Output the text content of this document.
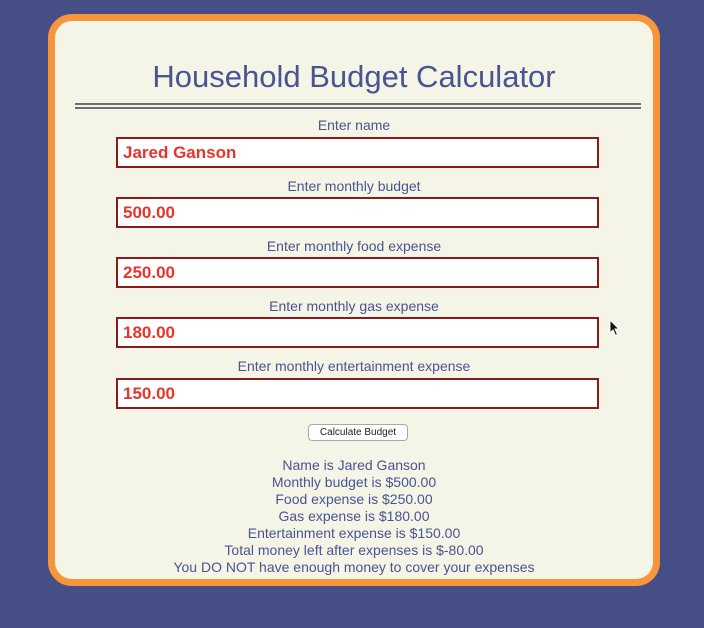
Household Budget Calculator
Enter name
Jared Ganson
Enter monthly budget
500.00
Enter monthly food expense
250.00
Enter monthly gas expense
180.00
Enter monthly entertainment expense
150.00
Calculate Budget
Name is Jared Ganson
Monthly budget is $500.00
Food expense is $250.00
Gas expense is $180.00
Entertainment expense is $150.00
Total money left after expenses is $-80.00
You DO NOT have enough money to cover your expenses
